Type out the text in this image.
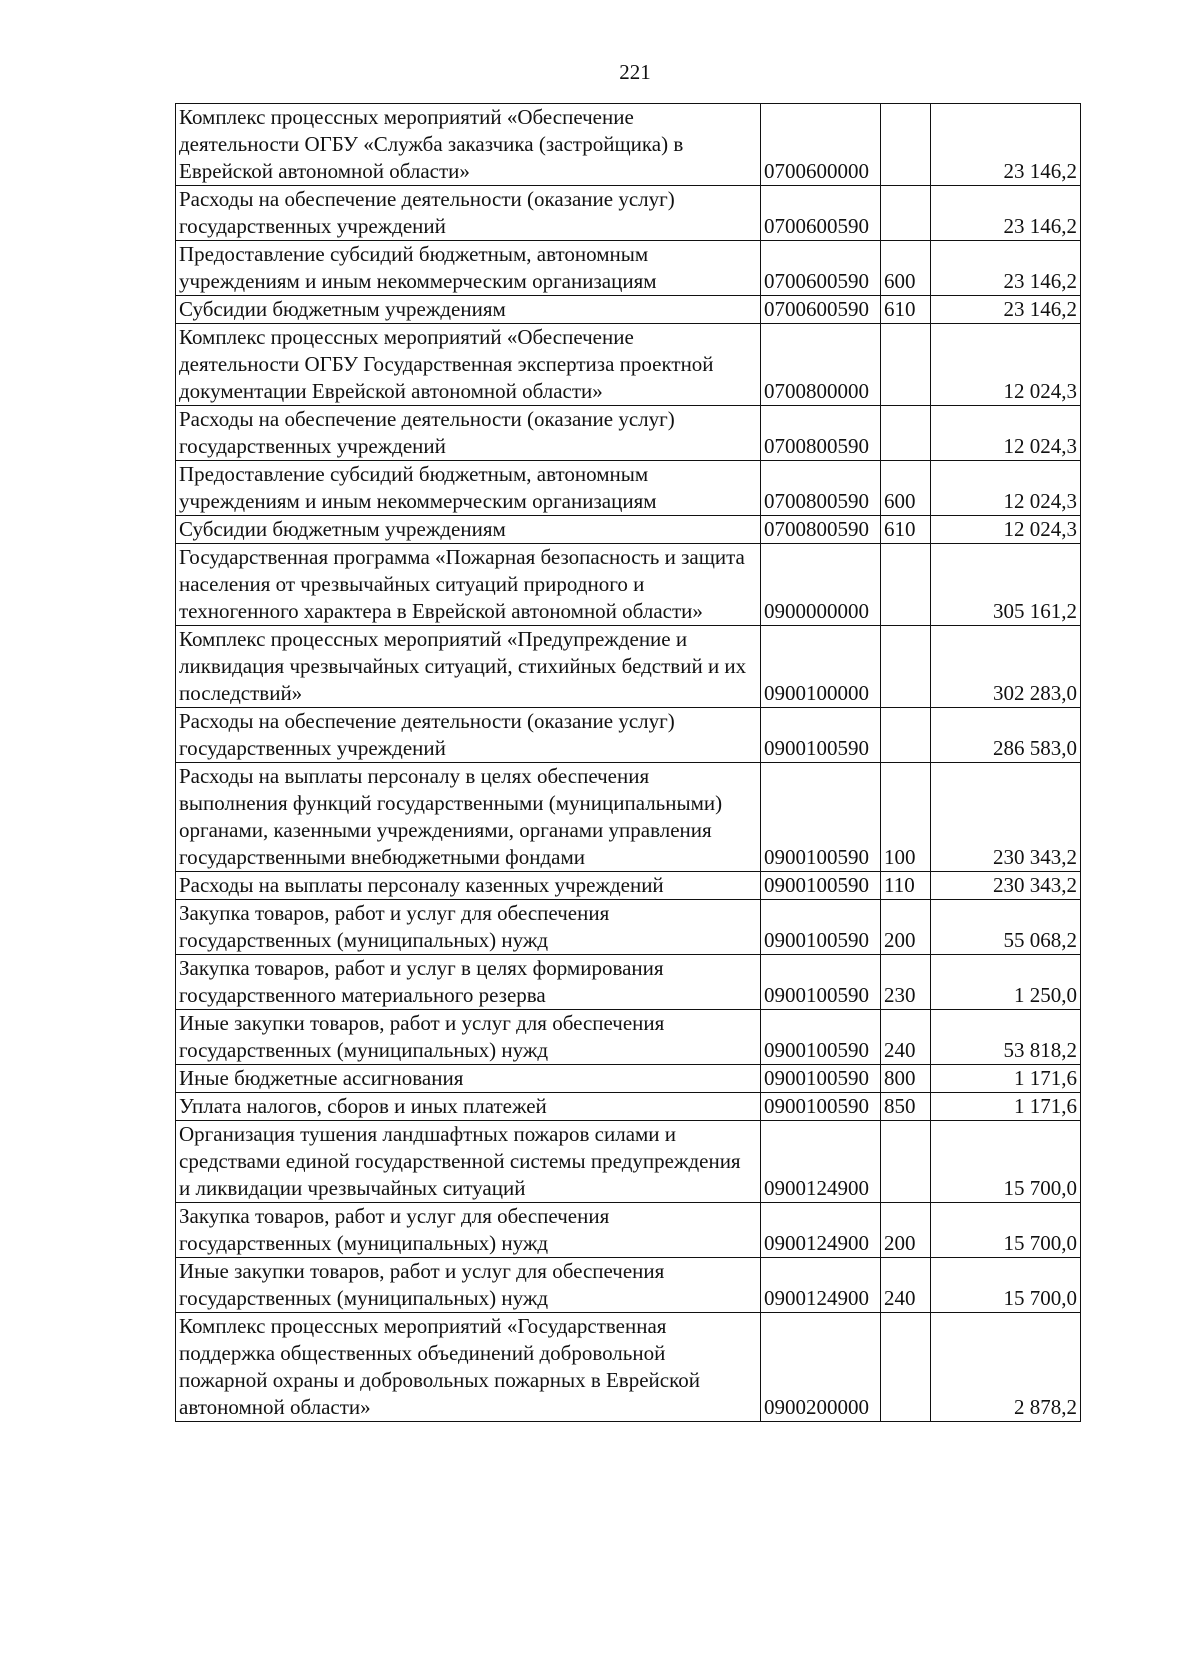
221
Комплекс процессных мероприятий «Обеспечение деятельности ОГБУ «Служба заказчика (застройщика) в Еврейской автономной области»	0700600000		23 146,2
Расходы на обеспечение деятельности (оказание услуг) государственных учреждений	0700600590		23 146,2
Предоставление субсидий бюджетным, автономным учреждениям и иным некоммерческим организациям	0700600590	600	23 146,2
Субсидии бюджетным учреждениям	0700600590	610	23 146,2
Комплекс процессных мероприятий «Обеспечение деятельности ОГБУ Государственная экспертиза проектной документации Еврейской автономной области»	0700800000		12 024,3
Расходы на обеспечение деятельности (оказание услуг) государственных учреждений	0700800590		12 024,3
Предоставление субсидий бюджетным, автономным учреждениям и иным некоммерческим организациям	0700800590	600	12 024,3
Субсидии бюджетным учреждениям	0700800590	610	12 024,3
Государственная программа «Пожарная безопасность и защита населения от чрезвычайных ситуаций природного и техногенного характера в Еврейской автономной области»	0900000000		305 161,2
Комплекс процессных мероприятий «Предупреждение и ликвидация чрезвычайных ситуаций, стихийных бедствий и их последствий»	0900100000		302 283,0
Расходы на обеспечение деятельности (оказание услуг) государственных учреждений	0900100590		286 583,0
Расходы на выплаты персоналу в целях обеспечения выполнения функций государственными (муниципальными) органами, казенными учреждениями, органами управления государственными внебюджетными фондами	0900100590	100	230 343,2
Расходы на выплаты персоналу казенных учреждений	0900100590	110	230 343,2
Закупка товаров, работ и услуг для обеспечения государственных (муниципальных) нужд	0900100590	200	55 068,2
Закупка товаров, работ и услуг в целях формирования государственного материального резерва	0900100590	230	1 250,0
Иные закупки товаров, работ и услуг для обеспечения государственных (муниципальных) нужд	0900100590	240	53 818,2
Иные бюджетные ассигнования	0900100590	800	1 171,6
Уплата налогов, сборов и иных платежей	0900100590	850	1 171,6
Организация тушения ландшафтных пожаров силами и средствами единой государственной системы предупреждения и ликвидации чрезвычайных ситуаций	0900124900		15 700,0
Закупка товаров, работ и услуг для обеспечения государственных (муниципальных) нужд	0900124900	200	15 700,0
Иные закупки товаров, работ и услуг для обеспечения государственных (муниципальных) нужд	0900124900	240	15 700,0
Комплекс процессных мероприятий «Государственная поддержка общественных объединений добровольной пожарной охраны и добровольных пожарных в Еврейской автономной области»	0900200000		2 878,2
